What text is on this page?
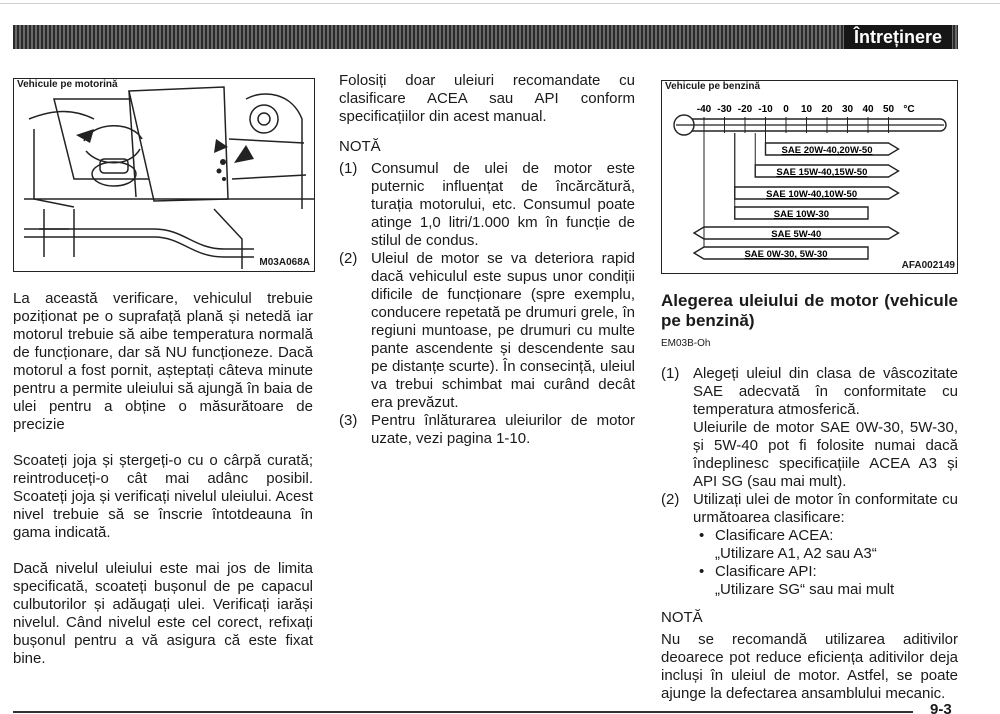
Întreținere
Vehicule pe motorină
M03A068A

La această verificare, vehiculul trebuie poziționat pe o suprafață plană și netedă iar motorul trebuie să aibe temperatura normală de funcționare, dar să NU funcționeze. Dacă motorul a fost pornit, așteptați câteva minute pentru a permite uleiului să ajungă în baia de ulei pentru a obține o măsurătoare de precizie

Scoateți joja și ștergeți-o cu o cârpă curată; reintroduceți-o cât mai adânc posibil. Scoateți joja și verificați nivelul uleiului. Acest nivel trebuie să se înscrie întotdeauna în gama indicată.

Dacă nivelul uleiului este mai jos de limita specificată, scoateți bușonul de pe capacul culbutorilor și adăugați ulei. Verificați iarăși nivelul. Când nivelul este cel corect, refixați bușonul pentru a vă asigura că este fixat bine.

Folosiți doar uleiuri recomandate cu clasificare ACEA sau API conform specificațiilor din acest manual.

NOTĂ

(1) Consumul de ulei de motor este puternic influențat de încărcătură, turația motorului, etc. Consumul poate atinge 1,0 litri/1.000 km în funcție de stilul de condus.
(2) Uleiul de motor se va deteriora rapid dacă vehiculul este supus unor condiții dificile de funcționare (spre exemplu, conducere repetată pe drumuri grele, în regiuni muntoase, pe drumuri cu multe pante ascendente și descendente sau pe distanțe scurte). În consecință, uleiul va trebui schimbat mai curând decât era prevăzut.
(3) Pentru înlăturarea uleiurilor de motor uzate, vezi pagina 1-10.
Vehicule pe benzină
-40 -30 -20 -10 0 10 20 30 40 50 °C
SAE 20W-40,20W-50
SAE 15W-40,15W-50
SAE 10W-40,10W-50
SAE 10W-30
SAE 5W-40
SAE 0W-30, 5W-30
AFA002149

Alegerea uleiului de motor (vehicule pe benzină)

EM03B-Oh

(1) Alegeți uleiul din clasa de vâscozitate SAE adecvată în conformitate cu temperatura atmosferică.
Uleiurile de motor SAE 0W-30, 5W-30, și 5W-40 pot fi folosite numai dacă îndeplinesc specificațiile ACEA A3 și API SG (sau mai mult).
(2) Utilizați ulei de motor în conformitate cu următoarea clasificare:
• Clasificare ACEA:
„Utilizare A1, A2 sau A3“
• Clasificare API:
„Utilizare SG“ sau mai mult

NOTĂ

Nu se recomandă utilizarea aditivilor deoarece pot reduce eficiența aditivilor deja incluși în uleiul de motor. Astfel, se poate ajunge la defectarea ansamblului mecanic.

9-3
